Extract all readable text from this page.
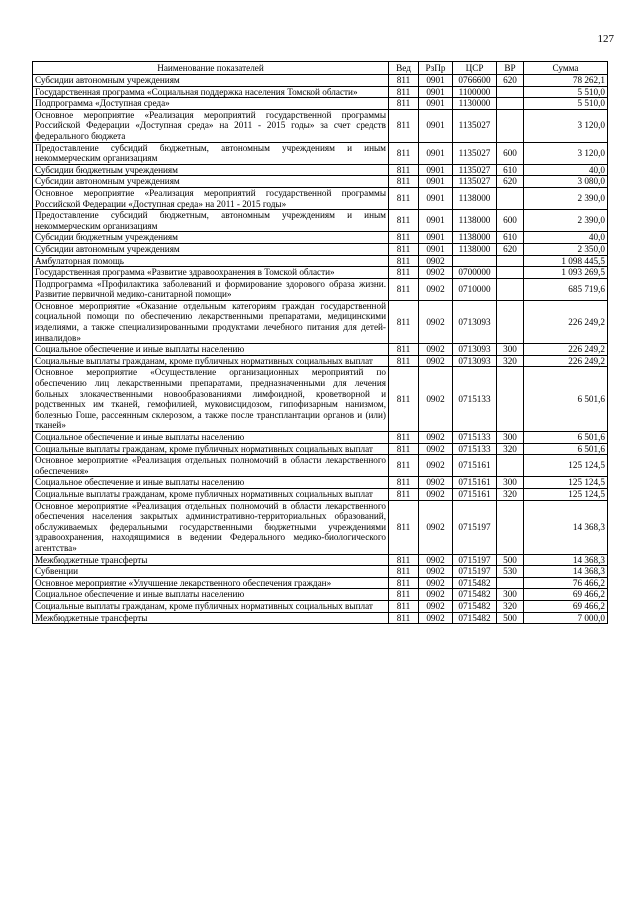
127
Наименование показателей	Вед	РзПр	ЦСР	ВР	Сумма
Субсидии автономным учреждениям	811	0901	0766600	620	78 262,1
Государственная программа «Социальная поддержка населения Томской области»	811	0901	1100000		5 510,0
Подпрограмма «Доступная среда»	811	0901	1130000		5 510,0
Основное мероприятие «Реализация мероприятий государственной программы Российской Федерации «Доступная среда» на 2011 - 2015 годы» за счет средств федерального бюджета	811	0901	1135027		3 120,0
Предоставление субсидий бюджетным, автономным учреждениям и иным некоммерческим организациям	811	0901	1135027	600	3 120,0
Субсидии бюджетным учреждениям	811	0901	1135027	610	40,0
Субсидии автономным учреждениям	811	0901	1135027	620	3 080,0
Основное мероприятие «Реализация мероприятий государственной программы Российской Федерации «Доступная среда» на 2011 - 2015 годы»	811	0901	1138000		2 390,0
Предоставление субсидий бюджетным, автономным учреждениям и иным некоммерческим организациям	811	0901	1138000	600	2 390,0
Субсидии бюджетным учреждениям	811	0901	1138000	610	40,0
Субсидии автономным учреждениям	811	0901	1138000	620	2 350,0
Амбулаторная помощь	811	0902			1 098 445,5
Государственная программа «Развитие здравоохранения в Томской области»	811	0902	0700000		1 093 269,5
Подпрограмма «Профилактика заболеваний и формирование здорового образа жизни. Развитие первичной медико-санитарной помощи»	811	0902	0710000		685 719,6
Основное мероприятие «Оказание отдельным категориям граждан государственной социальной помощи по обеспечению лекарственными препаратами, медицинскими изделиями, а также специализированными продуктами лечебного питания для детей-инвалидов»	811	0902	0713093		226 249,2
Социальное обеспечение и иные выплаты населению	811	0902	0713093	300	226 249,2
Социальные выплаты гражданам, кроме публичных нормативных социальных выплат	811	0902	0713093	320	226 249,2
Основное мероприятие «Осуществление организационных мероприятий по обеспечению лиц лекарственными препаратами, предназначенными для лечения больных злокачественными новообразованиями лимфоидной, кроветворной и родственных им тканей, гемофилией, муковисцидозом, гипофизарным нанизмом, болезнью Гоше, рассеянным склерозом, а также после трансплантации органов и (или) тканей»	811	0902	0715133		6 501,6
Социальное обеспечение и иные выплаты населению	811	0902	0715133	300	6 501,6
Социальные выплаты гражданам, кроме публичных нормативных социальных выплат	811	0902	0715133	320	6 501,6
Основное мероприятие «Реализация отдельных полномочий в области лекарственного обеспечения»	811	0902	0715161		125 124,5
Социальное обеспечение и иные выплаты населению	811	0902	0715161	300	125 124,5
Социальные выплаты гражданам, кроме публичных нормативных социальных выплат	811	0902	0715161	320	125 124,5
Основное мероприятие «Реализация отдельных полномочий в области лекарственного обеспечения населения закрытых административно-территориальных образований, обслуживаемых федеральными государственными бюджетными учреждениями здравоохранения, находящимися в ведении Федерального медико-биологического агентства»	811	0902	0715197		14 368,3
Межбюджетные трансферты	811	0902	0715197	500	14 368,3
Субвенции	811	0902	0715197	530	14 368,3
Основное мероприятие «Улучшение лекарственного обеспечения граждан»	811	0902	0715482		76 466,2
Социальное обеспечение и иные выплаты населению	811	0902	0715482	300	69 466,2
Социальные выплаты гражданам, кроме публичных нормативных социальных выплат	811	0902	0715482	320	69 466,2
Межбюджетные трансферты	811	0902	0715482	500	7 000,0
